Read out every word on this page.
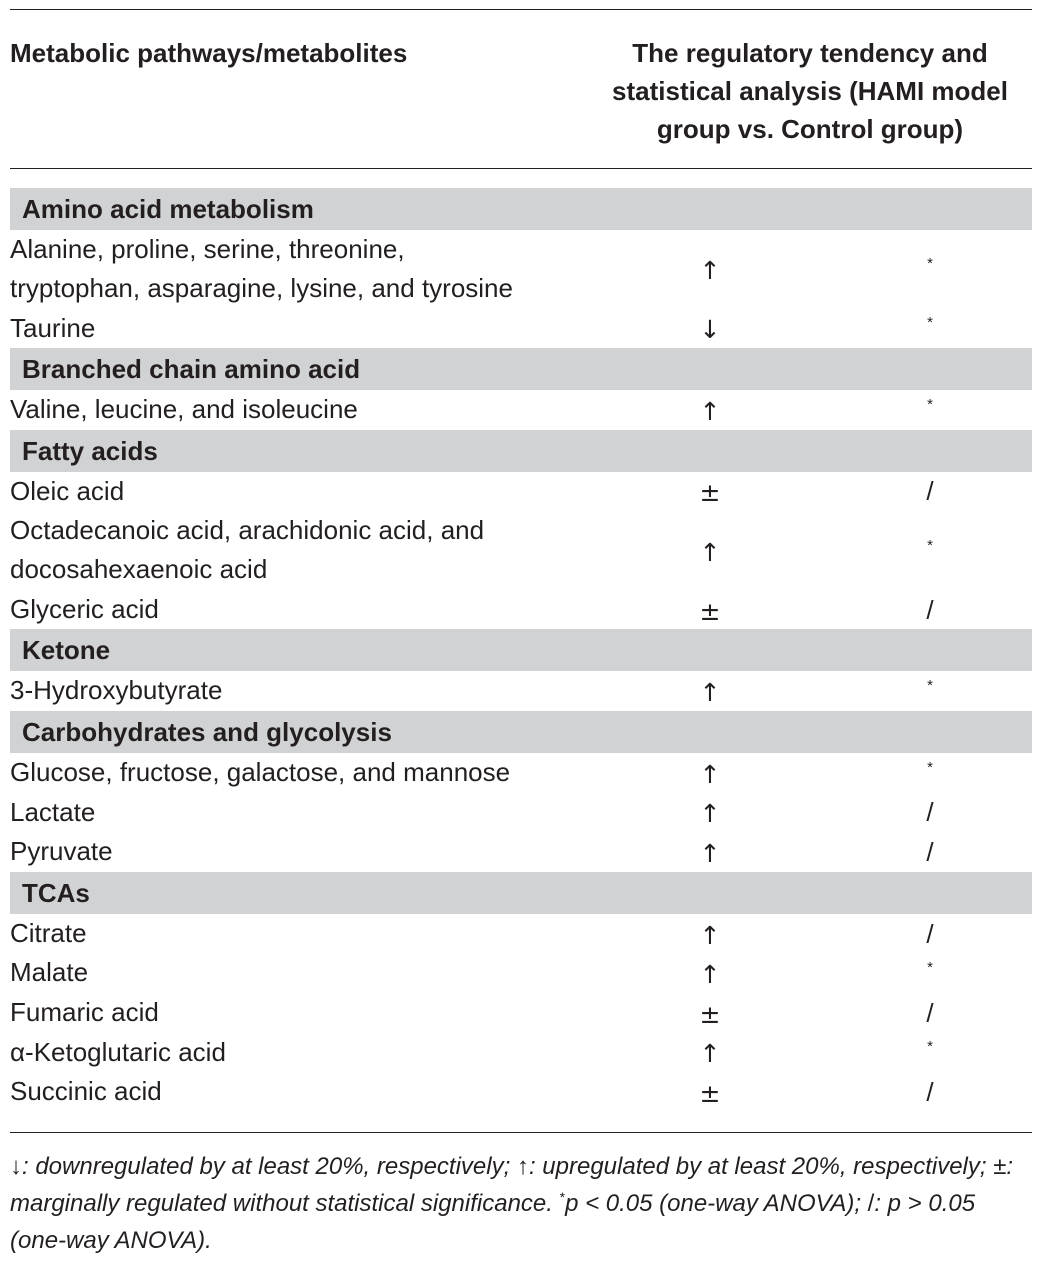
Metabolic pathways/metabolites	The regulatory tendency and
statistical analysis (HAMI model
group vs. Control group)
Amino acid metabolism
Alanine, proline, serine, threonine,
tryptophan, asparagine, lysine, and tyrosine
↑	*
Taurine	↓	*
Branched chain amino acid
Valine, leucine, and isoleucine	↑	*
Fatty acids
Oleic acid	±	/
Octadecanoic acid, arachidonic acid, and
docosahexaenoic acid
↑	*
Glyceric acid	±	/
Ketone
3-Hydroxybutyrate	↑	*
Carbohydrates and glycolysis
Glucose, fructose, galactose, and mannose	↑	*
Lactate	↑	/
Pyruvate	↑	/
TCAs
Citrate	↑	/
Malate	↑	*
Fumaric acid	±	/
α-Ketoglutaric acid	↑	*
Succinic acid	±	/
↓: downregulated by at least 20%, respectively; ↑: upregulated by at least 20%, respectively; ±: marginally regulated without statistical significance. *p < 0.05 (one-way ANOVA); /: p > 0.05 (one-way ANOVA).
